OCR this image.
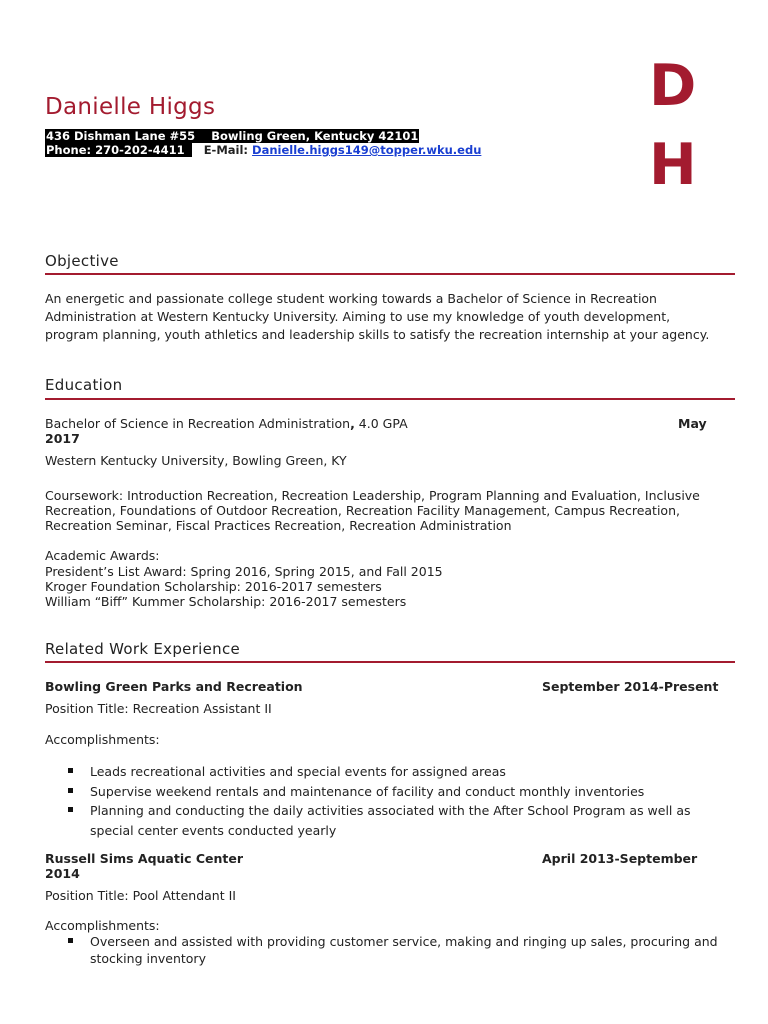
Danielle Higgs
436 Dishman Lane #55 Bowling Green, Kentucky 42101
Phone: 270-202-4411 E-Mail: Danielle.higgs149@topper.wku.edu
D
H
Objective
An energetic and passionate college student working towards a Bachelor of Science in Recreation
Administration at Western Kentucky University. Aiming to use my knowledge of youth development,
program planning, youth athletics and leadership skills to satisfy the recreation internship at your agency.
Education
Bachelor of Science in Recreation Administration, 4.0 GPA	May
2017
Western Kentucky University, Bowling Green, KY
Coursework: Introduction Recreation, Recreation Leadership, Program Planning and Evaluation, Inclusive
Recreation, Foundations of Outdoor Recreation, Recreation Facility Management, Campus Recreation,
Recreation Seminar, Fiscal Practices Recreation, Recreation Administration
Academic Awards:
President’s List Award: Spring 2016, Spring 2015, and Fall 2015
Kroger Foundation Scholarship: 2016-2017 semesters
William “Biff” Kummer Scholarship: 2016-2017 semesters
Related Work Experience
Bowling Green Parks and Recreation	September 2014-Present
Position Title: Recreation Assistant II
Accomplishments:
Leads recreational activities and special events for assigned areas
Supervise weekend rentals and maintenance of facility and conduct monthly inventories
Planning and conducting the daily activities associated with the After School Program as well as
special center events conducted yearly
Russell Sims Aquatic Center	April 2013-September
2014
Position Title: Pool Attendant II
Accomplishments:
Overseen and assisted with providing customer service, making and ringing up sales, procuring and
stocking inventory
